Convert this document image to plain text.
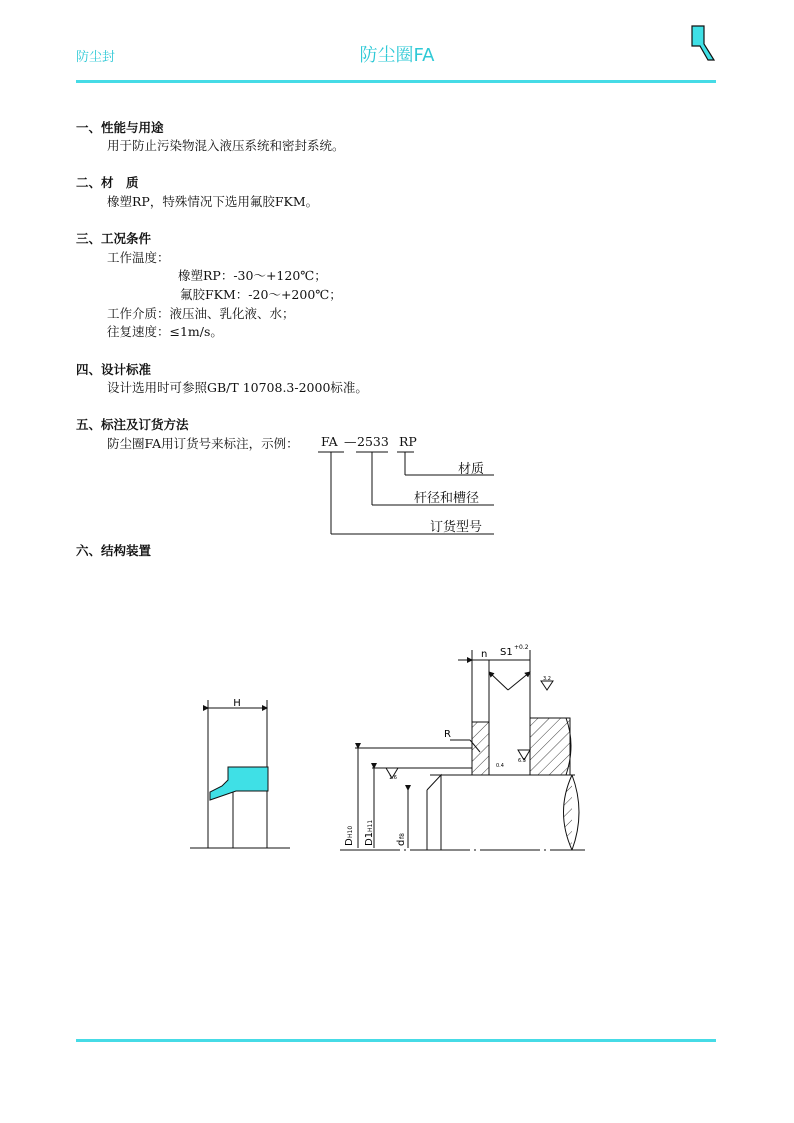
防尘封	防尘圈FA
一、性能与用途
用于防止污染物混入液压系统和密封系统。
二、材　质
橡塑RP，特殊情况下选用氟胶FKM。
三、工况条件
工作温度：
橡塑RP：-30～+120℃；
氟胶FKM：-20～+200℃；
工作介质：液压油、乳化液、水；
往复速度：≤1m/s。
四、设计标准
设计选用时可参照GB/T 10708.3-2000标准。
五、标注及订货方法
防尘圈FA用订货号来标注，示例： FA — 2533 RP
材质
杆径和槽径
订货型号
六、结构装置
H
n S1 +0.2
R
3.2
0.4
6.3
1.6
D
H10
D1
H11
d
f8
